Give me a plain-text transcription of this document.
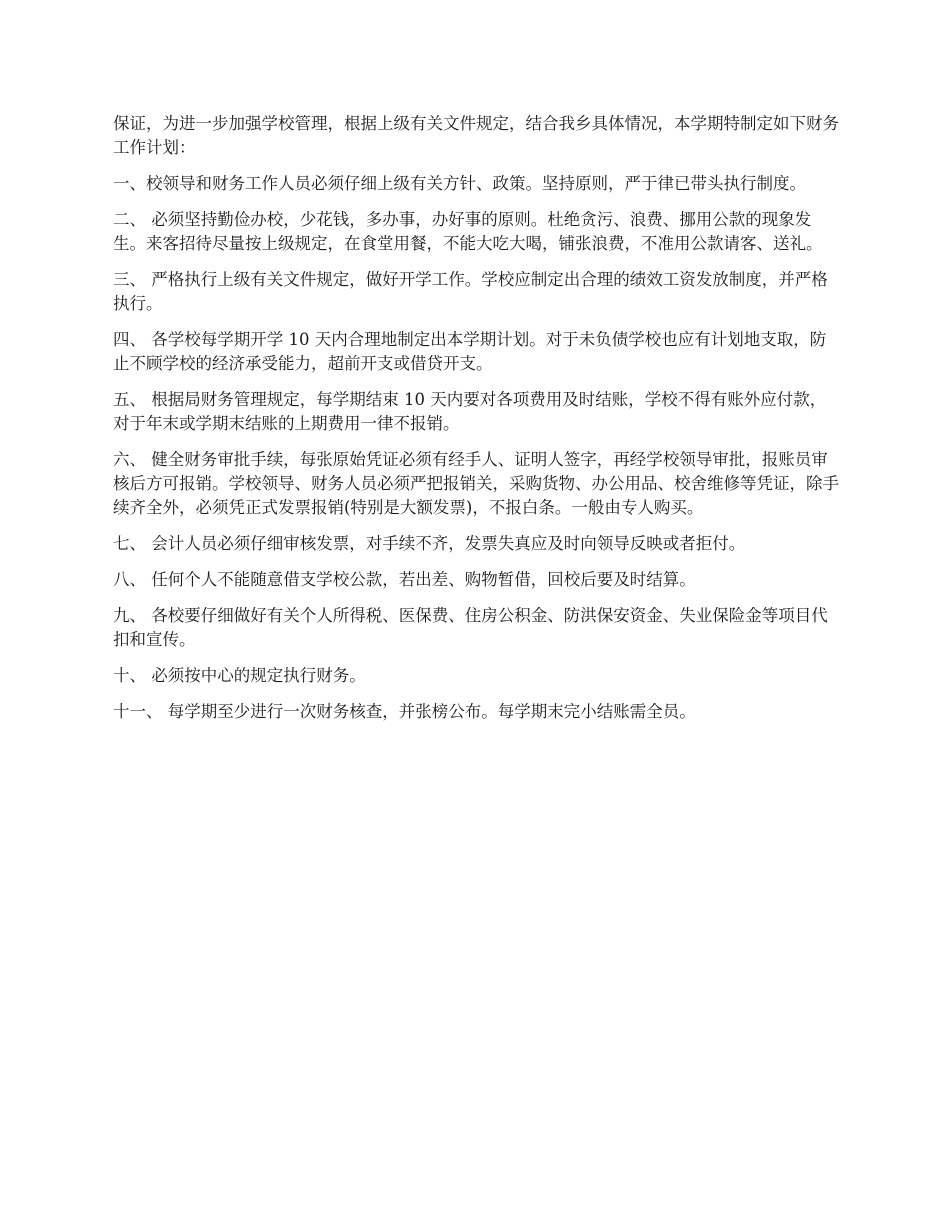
保证，为进一步加强学校管理，根据上级有关文件规定，结合我乡具体情况，本学期特制定如下财务工作计划：

一、校领导和财务工作人员必须仔细上级有关方针、政策。坚持原则，严于律已带头执行制度。

二、 必须坚持勤俭办校，少花钱，多办事，办好事的原则。杜绝贪污、浪费、挪用公款的现象发生。来客招待尽量按上级规定，在食堂用餐，不能大吃大喝，铺张浪费，不准用公款请客、送礼。

三、 严格执行上级有关文件规定，做好开学工作。学校应制定出合理的绩效工资发放制度，并严格执行。

四、 各学校每学期开学 10 天内合理地制定出本学期计划。对于未负债学校也应有计划地支取，防止不顾学校的经济承受能力，超前开支或借贷开支。

五、 根据局财务管理规定，每学期结束 10 天内要对各项费用及时结账，学校不得有账外应付款，对于年末或学期末结账的上期费用一律不报销。

六、 健全财务审批手续，每张原始凭证必须有经手人、证明人签字，再经学校领导审批，报账员审核后方可报销。学校领导、财务人员必须严把报销关，采购货物、办公用品、校舍维修等凭证，除手续齐全外，必须凭正式发票报销(特别是大额发票)，不报白条。一般由专人购买。

七、 会计人员必须仔细审核发票，对手续不齐，发票失真应及时向领导反映或者拒付。

八、 任何个人不能随意借支学校公款，若出差、购物暂借，回校后要及时结算。

九、 各校要仔细做好有关个人所得税、医保费、住房公积金、防洪保安资金、失业保险金等项目代扣和宣传。

十、 必须按中心的规定执行财务。

十一、 每学期至少进行一次财务核查，并张榜公布。每学期末完小结账需全员。
